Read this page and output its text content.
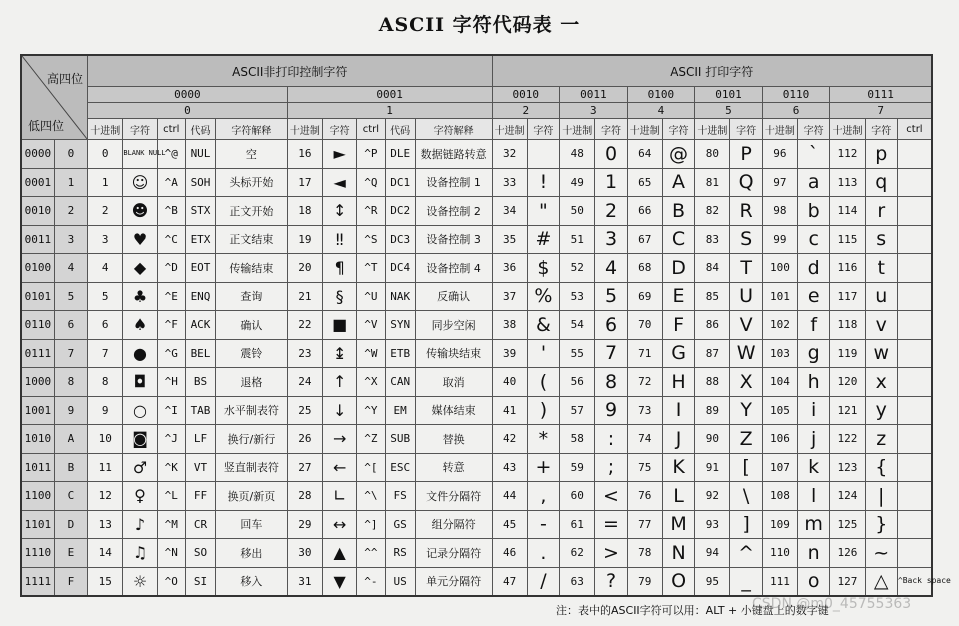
ASCII 字符代码表 一
高四位
低四位		ASCII非打印控制字符										ASCII 打印字符												
		0000					0001					0010		0011		0100		0101		0110		0111		
		0					1					2		3		4		5		6		7		
		十进制	字符	ctrl	代码	字符解释	十进制	字符	ctrl	代码	字符解释	十进制	字符	十进制	字符	十进制	字符	十进制	字符	十进制	字符	十进制	字符	ctrl
0000	0	0	BLANK NULL	^@	NUL	空	16	►	^P	DLE	数据链路转意	32		48	0	64	@	80	P	96	`	112	p	
0001	1	1	☺	^A	SOH	头标开始	17	◄	^Q	DC1	设备控制 1	33	!	49	1	65	A	81	Q	97	a	113	q	
0010	2	2	☻	^B	STX	正文开始	18	↕	^R	DC2	设备控制 2	34	"	50	2	66	B	82	R	98	b	114	r	
0011	3	3	♥	^C	ETX	正文结束	19	‼	^S	DC3	设备控制 3	35	#	51	3	67	C	83	S	99	c	115	s	
0100	4	4	◆	^D	EOT	传输结束	20	¶	^T	DC4	设备控制 4	36	$	52	4	68	D	84	T	100	d	116	t	
0101	5	5	♣	^E	ENQ	查询	21	§	^U	NAK	反确认	37	%	53	5	69	E	85	U	101	e	117	u	
0110	6	6	♠	^F	ACK	确认	22	■	^V	SYN	同步空闲	38	&	54	6	70	F	86	V	102	f	118	v	
0111	7	7	●	^G	BEL	震铃	23	↨	^W	ETB	传输块结束	39	'	55	7	71	G	87	W	103	g	119	w	
1000	8	8	◘	^H	BS	退格	24	↑	^X	CAN	取消	40	(	56	8	72	H	88	X	104	h	120	x	
1001	9	9	○	^I	TAB	水平制表符	25	↓	^Y	EM	媒体结束	41	)	57	9	73	I	89	Y	105	i	121	y	
1010	A	10	◙	^J	LF	换行/新行	26	→	^Z	SUB	替换	42	*	58	:	74	J	90	Z	106	j	122	z	
1011	B	11	♂	^K	VT	竖直制表符	27	←	^[	ESC	转意	43	+	59	;	75	K	91	[	107	k	123	{	
1100	C	12	♀	^L	FF	换页/新页	28	∟	^\	FS	文件分隔符	44	,	60	<	76	L	92	\	108	l	124	|	
1101	D	13	♪	^M	CR	回车	29	↔	^]	GS	组分隔符	45	-	61	=	77	M	93	]	109	m	125	}	
1110	E	14	♫	^N	SO	移出	30	▲	^^	RS	记录分隔符	46	.	62	>	78	N	94	^	110	n	126	~	
1111	F	15	☼	^O	SI	移入	31	▼	^-	US	单元分隔符	47	/	63	?	79	O	95	_	111	o	127	△	^Back space
注：表中的ASCII字符可以用：ALT + 小键盘上的数字键
CSDN @m0_45755363
